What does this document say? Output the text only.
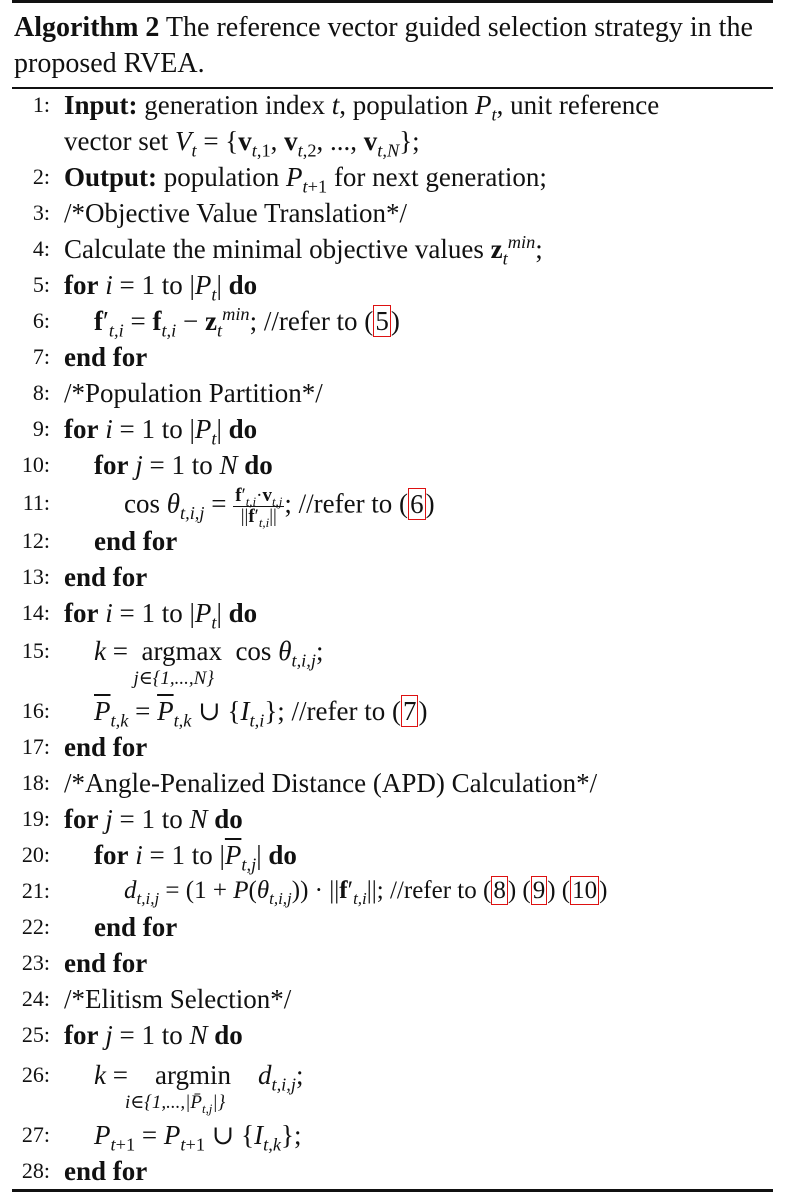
Algorithm 2 The reference vector guided selection strategy in the proposed RVEA.
1: Input: generation index t, population $P_t$, unit reference
vector set $V_t = \{v_{t,1}$, $v_{t,2}$, ..., $v_{t,N}$};
2: Output: population $P_{t+1}$ for next generation;
3: /*Objective Value Translation*/
4: Calculate the minimal objective values $z_t^{min}$;
5: for i = 1 to $|P_t|$ do
6: $f'_{t,i} = f_{t,i} - z_t^{min}$; //refer to (5)
7: end for
8: /*Population Partition*/
9: for i = 1 to $|P_t|$ do
10: for j = 1 to N do
11:	$\cos \theta_{t,i,j} = \frac{f'_{t,i}\cdot v_{t,j}}{||f'_{t,i}||}$ ; //refer to (6)
12: end for
13: end for
14: for i = 1 to $|P_t|$ do
15: k =  argmax
j∈{1,...,N}
$\cos \theta_{t,i,j}$;
16: $\overline{P}_{t,k} = \overline{P}_{t,k}$ ∪ $\{I_{t,i}\}$; //refer to (7)
17: end for
18: /*Angle-Penalized Distance (APD) Calculation*/
19: for j = 1 to N do
20: for i = 1 to $|\overline{P}_{t,j}|$ do
21:	$d_{t,i,j} = (1 + P(\theta_{t,i,j})) \cdot ||f'_{t,i}||$; //refer to (8) (9) (10)
22: end for
23: end for
24: /*Elitism Selection*/
25: for j = 1 to N do
26: k =    argmin
$i\in\{1,...,|P̄_{t,j}|\}$
$d_{t,i,j}$;
27: $P_{t+1} = P_{t+1}$ ∪ $\{I_{t,k}\}$;
28: end for
